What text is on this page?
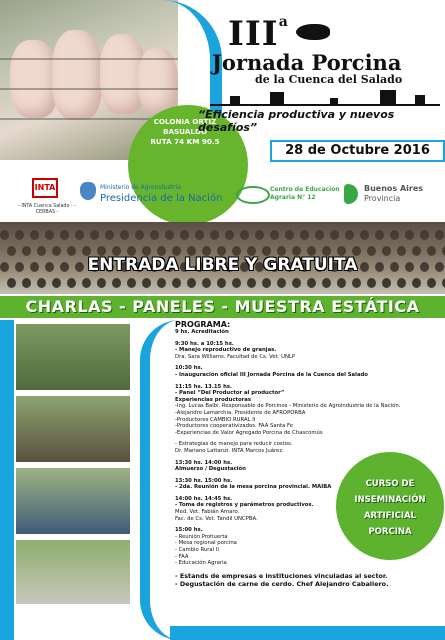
COLONIA ORTIZ
BASUALDO
RUTA 74 KM 90.5
III$^a$
Jornada Porcina
de la Cuenca del Salado
“Eficiencia productiva y nuevos desafíos”
28 de Octubre 2016
INTA
- INTA Cuenca Salado - - CERBAS -
Ministerio de Agroindustria
Presidencia de la Nación
Centro de Educación
Agraria N° 12
Buenos Aires
Provincia
ENTRADA LIBRE Y GRATUITA
CHARLAS - PANELES - MUESTRA ESTÁTICA
PROGRAMA:
9 hs. Acreditación
9:30 hs. a 10:15 hs.
- Manejo reproductivo de granjas.
Dra. Sara Williams. Facultad de Cs. Vet. UNLP
10:30 hs.
- Inauguración oficial III Jornada Porcina de la Cuenca del Salado
11:15 hs. 13.15 hs.
- Panel “Del Productor al productor”
Experiencias productoras
-Ing. Lucas Balbi. Responsable de Porcinos - Ministerio de Agroindustria de la Nación.
-Alejandro Lamarchia. Presidente de AFROPORBA
-Productores CAMBIO RURAL II
-Productores cooperativizados. FAA Santa Fe
-Experiencias de Valor Agregado Porcina de Chascomús
- Estrategias de manejo para reducir costos.
Dr. Mariano Lattanzi. INTA Marcos Juárez.
13:30 hs. 14:00 hs.
Almuerzo / Degustación
13:30 hs. 15:00 hs.
- 2da. Reunión de la mesa porcina provincial. MAIBA
14:00 hs. 14:45 hs.
- Toma de registros y parámetros productivos.
Med. Vet. Fabián Amaro.
Fac. de Cs. Vet. Tandil UNCPBA.
15:00 hs.
- Reunión Prohuerta
- Mesa regional porcina
- Cambio Rural II
- FAA
- Educación Agraria
- Estands de empresas e instituciones vinculadas al sector.
- Degustación de carne de cerdo. Chef Alejandro Caballero.
CURSO DE
INSEMINACIÓN
ARTIFICIAL
PORCINA
